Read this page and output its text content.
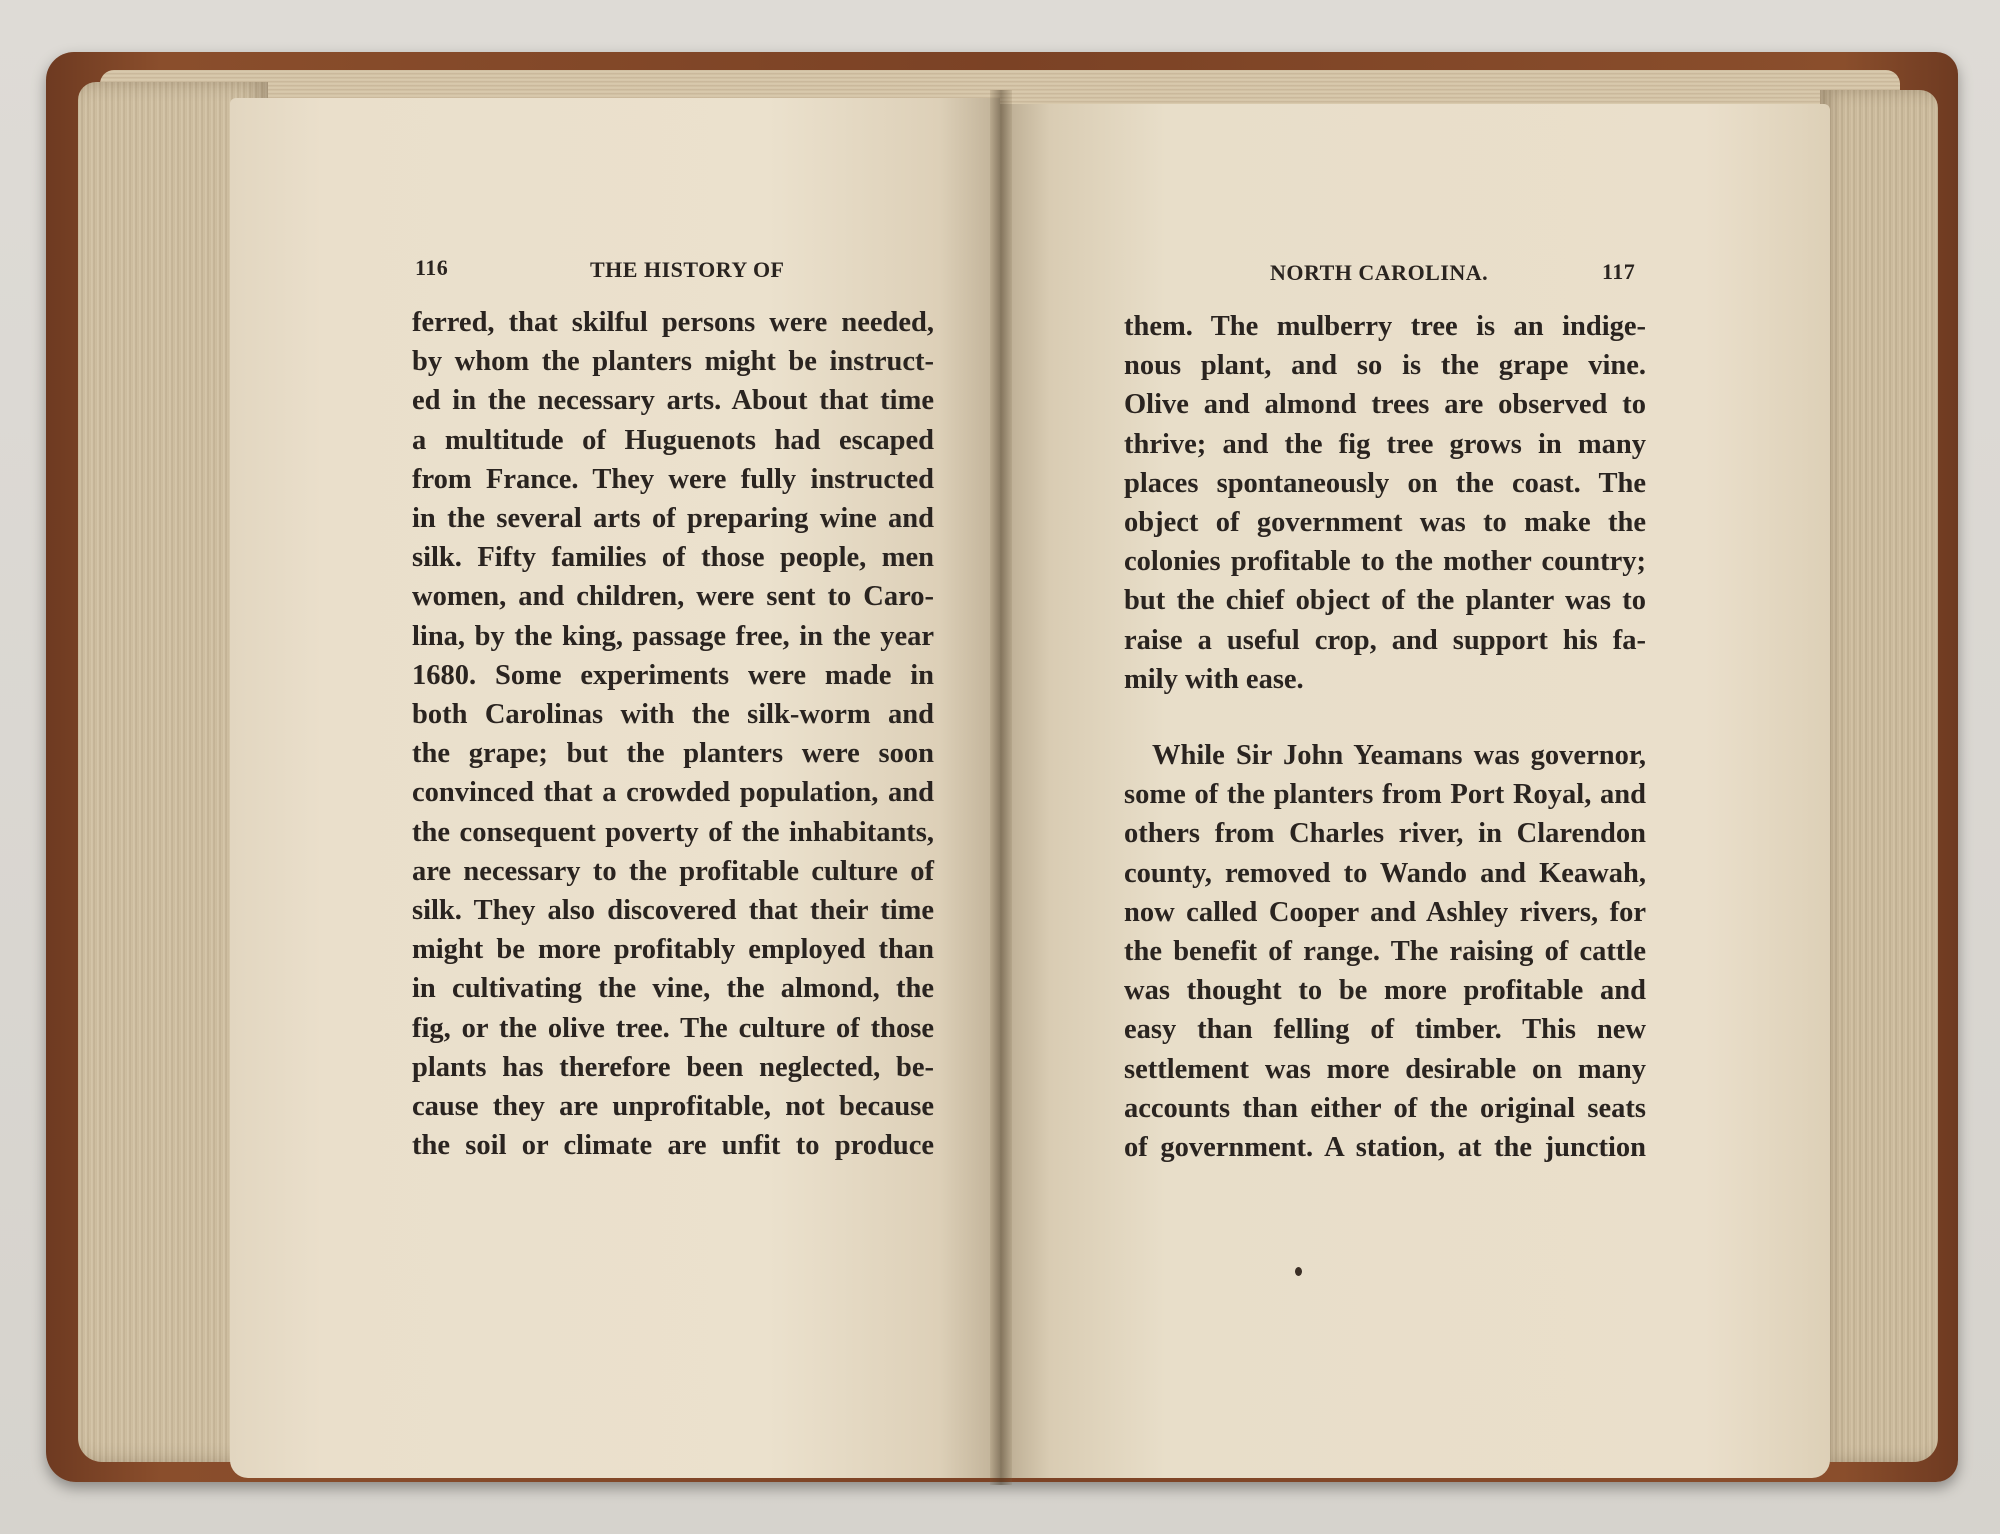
116	THE HISTORY OF
ferred, that skilful persons were needed,
by whom the planters might be instruct-
ed in the necessary arts. About that time
a multitude of Huguenots had escaped
from France. They were fully instructed
in the several arts of preparing wine and
silk. Fifty families of those people, men
women, and children, were sent to Caro-
lina, by the king, passage free, in the year
1680. Some experiments were made in
both Carolinas with the silk-worm and
the grape; but the planters were soon
convinced that a crowded population, and
the consequent poverty of the inhabitants,
are necessary to the profitable culture of
silk. They also discovered that their time
might be more profitably employed than
in cultivating the vine, the almond, the
fig, or the olive tree. The culture of those
plants has therefore been neglected, be-
cause they are unprofitable, not because
the soil or climate are unfit to produce
NORTH CAROLINA.	117
them. The mulberry tree is an indige-
nous plant, and so is the grape vine.
Olive and almond trees are observed to
thrive; and the fig tree grows in many
places spontaneously on the coast. The
object of government was to make the
colonies profitable to the mother country;
but the chief object of the planter was to
raise a useful crop, and support his fa-
mily with ease.
While Sir John Yeamans was governor,
some of the planters from Port Royal, and
others from Charles river, in Clarendon
county, removed to Wando and Keawah,
now called Cooper and Ashley rivers, for
the benefit of range. The raising of cattle
was thought to be more profitable and
easy than felling of timber. This new
settlement was more desirable on many
accounts than either of the original seats
of government. A station, at the junction
